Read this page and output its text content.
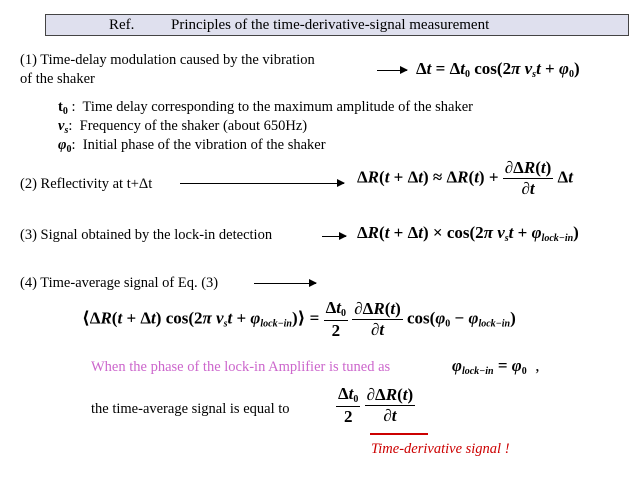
Ref. Principles of the time-derivative-signal measurement
(1) Time-delay modulation caused by the vibration
of the shaker
$\Delta t = \Delta t_0$ cos(2π $\nu_st + \varphi_0$)
$t_0$ :  Time delay corresponding to the maximum amplitude of the shaker
$\nu_s$:  Frequency of the shaker (about 650Hz)
$\varphi_0$:  Initial phase of the vibration of the shaker
(2) Reflectivity at t+Δt	$\Delta R(t + \Delta t) \approx \Delta R(t) + \frac{\partial\Delta R(t)}{\partial t}$ Δt
(3) Signal obtained by the lock-in detection	ΔR(t + Δt) × cos(2π $\nu_st + \varphi_{lock-in}$)
(4) Time-average signal of Eq. (3)
⟨ΔR(t + Δt) cos(2π $\nu_st$ + $\varphi_{lock-in})⟩ = \frac{\Delta t_0}{2}$
$\frac{\partial\Delta R(t)}{\partial t} \cos(\varphi_0 - \varphi_{lock-in})$
When the phase of the lock-in Amplifier is tuned as	$\varphi_{lock-in} = \varphi_0$ ,
the time-average signal is equal to	$\frac{\Delta t_0}{2}$
$\frac{\partial\Delta R(t)}{\partial t}$
Time-derivative signal !
